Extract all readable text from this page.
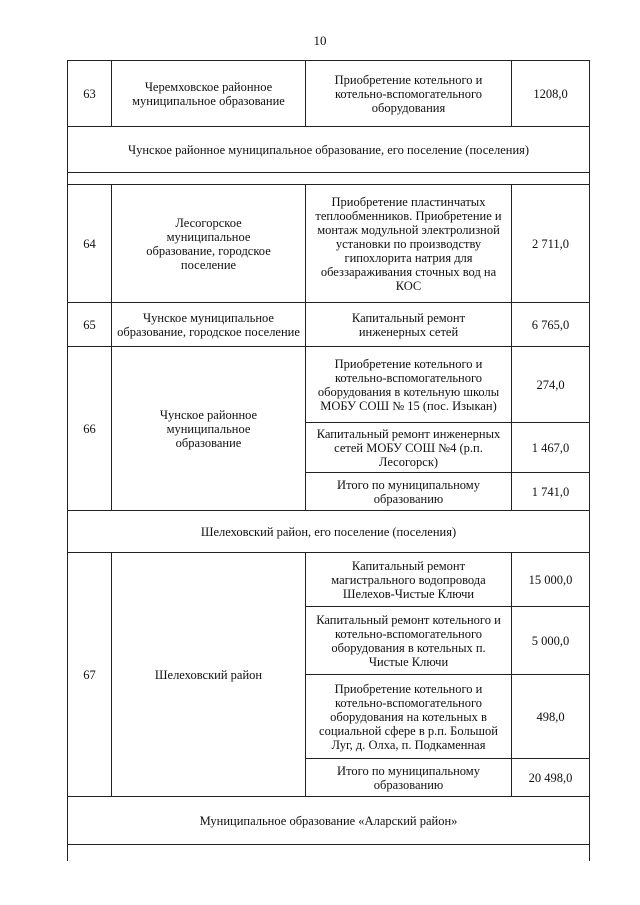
10
63	Черемховское районное муниципальное образование	Приобретение котельного и котельно-вспомогательного оборудования	1208,0
Чунское районное муниципальное образование, его поселение (поселения)			

64	Лесогорское муниципальное образование, городское поселение	Приобретение пластинчатых теплообменников. Приобретение и монтаж модульной электролизной установки по производству гипохлорита натрия для обеззараживания сточных вод на КОС	2 711,0
65	Чунское муниципальное образование, городское поселение	Капитальный ремонт инженерных сетей	6 765,0
66	Чунское районное муниципальное образование	Приобретение котельного и котельно-вспомогательного оборудования в котельную школы МОБУ СОШ № 15 (пос. Изыкан)	274,0
		Капитальный ремонт инженерных сетей МОБУ СОШ №4 (р.п. Лесогорск)	1 467,0
		Итого по муниципальному образованию	1 741,0
Шелеховский район, его поселение (поселения)			
67	Шелеховский район	Капитальный ремонт магистрального водопровода Шелехов-Чистые Ключи	15 000,0
		Капитальный ремонт котельного и котельно-вспомогательного оборудования в котельных п. Чистые Ключи	5 000,0
		Приобретение котельного и котельно-вспомогательного оборудования на котельных в социальной сфере в р.п. Большой Луг, д. Олха, п. Подкаменная	498,0
		Итого по муниципальному образованию	20 498,0
Муниципальное образование «Аларский район»			
